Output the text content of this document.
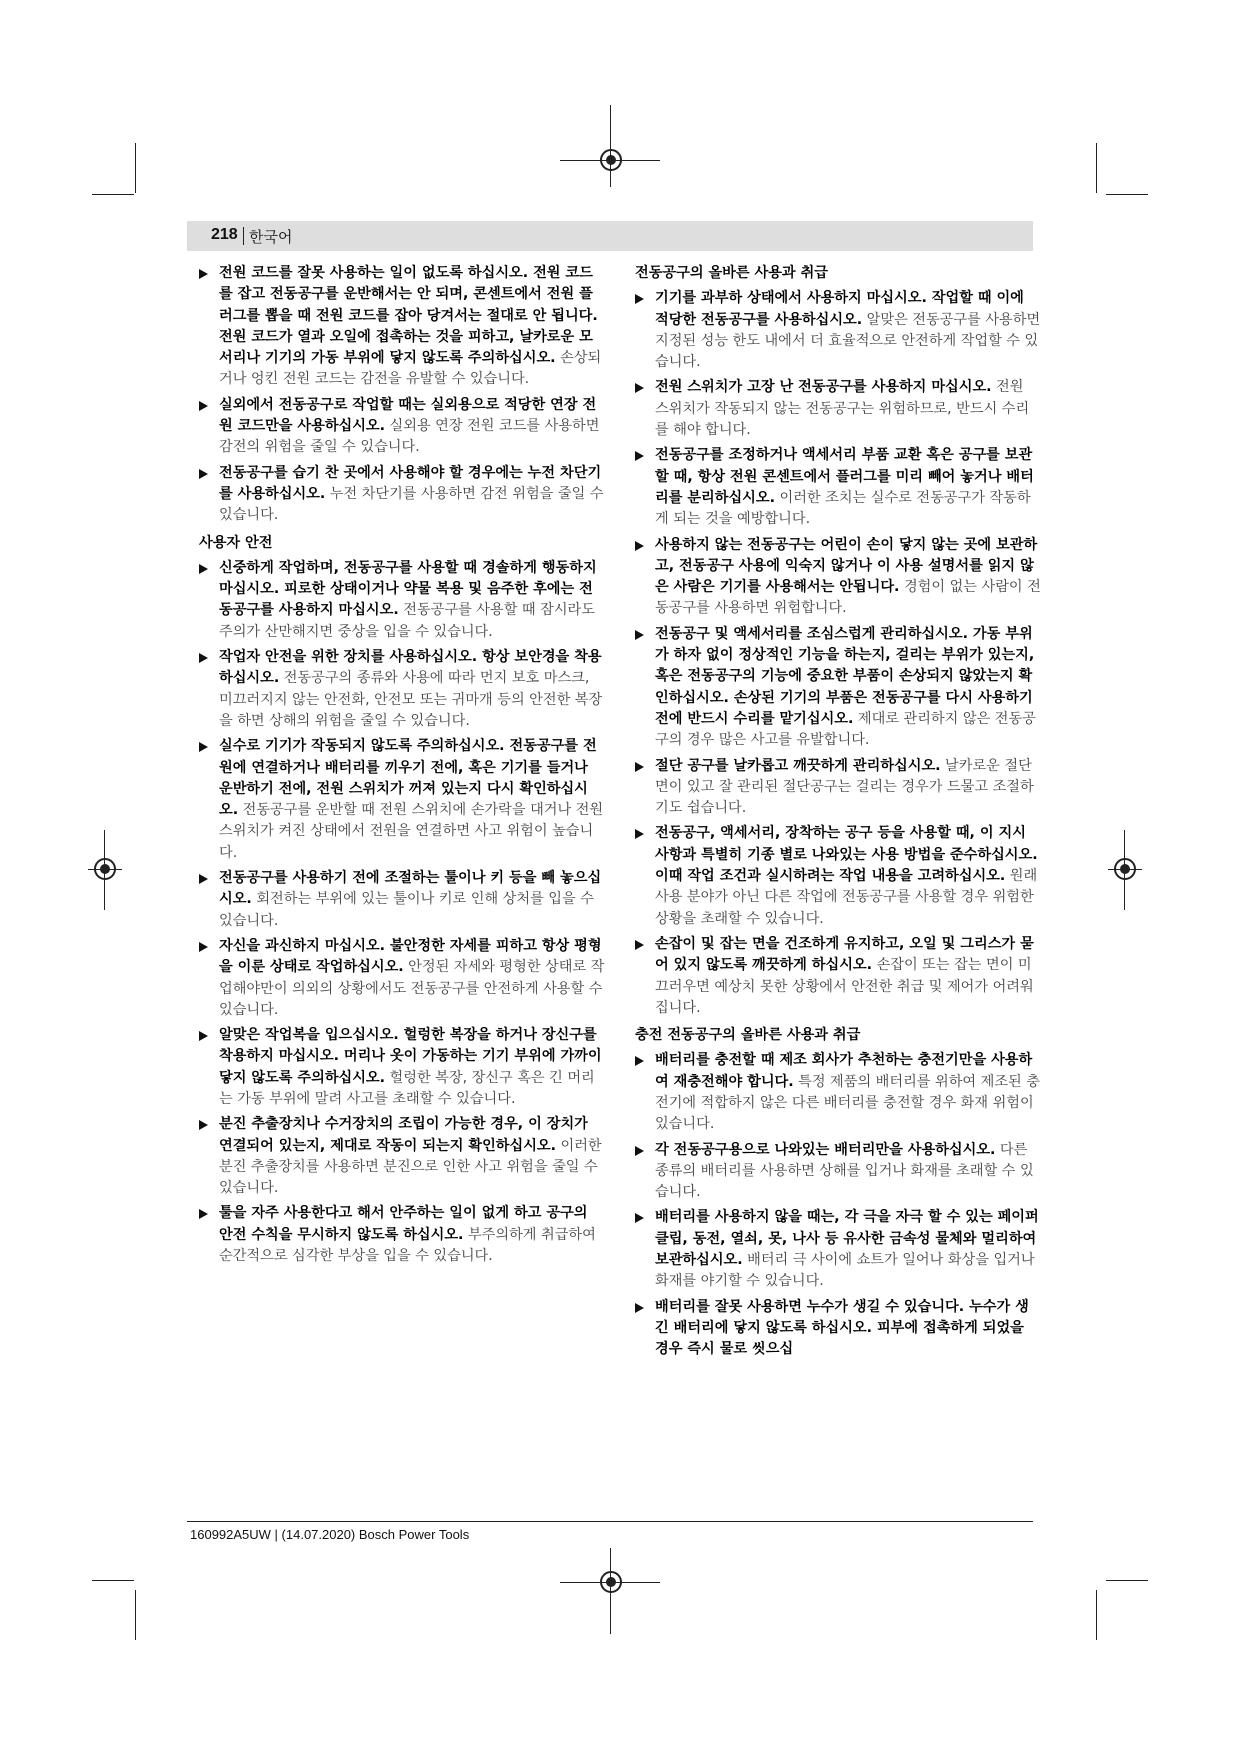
218 한국어
전원 코드를 잘못 사용하는 일이 없도록 하십시오. 전원 코드를 잡고 전동공구를 운반해서는 안 되며, 콘센트에서 전원 플러그를 뽑을 때 전원 코드를 잡아 당겨서는 절대로 안 됩니다. 전원 코드가 열과 오일에 접촉하는 것을 피하고, 날카로운 모서리나 기기의 가동 부위에 닿지 않도록 주의하십시오. 손상되거나 엉킨 전원 코드는 감전을 유발할 수 있습니다.
실외에서 전동공구로 작업할 때는 실외용으로 적당한 연장 전원 코드만을 사용하십시오. 실외용 연장 전원 코드를 사용하면 감전의 위험을 줄일 수 있습니다.
전동공구를 습기 찬 곳에서 사용해야 할 경우에는 누전 차단기를 사용하십시오. 누전 차단기를 사용하면 감전 위험을 줄일 수 있습니다.
사용자 안전
신중하게 작업하며, 전동공구를 사용할 때 경솔하게 행동하지 마십시오. 피로한 상태이거나 약물 복용 및 음주한 후에는 전동공구를 사용하지 마십시오. 전동공구를 사용할 때 잠시라도 주의가 산만해지면 중상을 입을 수 있습니다.
작업자 안전을 위한 장치를 사용하십시오. 항상 보안경을 착용하십시오. 전동공구의 종류와 사용에 따라 먼지 보호 마스크, 미끄러지지 않는 안전화, 안전모 또는 귀마개 등의 안전한 복장을 하면 상해의 위험을 줄일 수 있습니다.
실수로 기기가 작동되지 않도록 주의하십시오. 전동공구를 전원에 연결하거나 배터리를 끼우기 전에, 혹은 기기를 들거나 운반하기 전에, 전원 스위치가 꺼져 있는지 다시 확인하십시오. 전동공구를 운반할 때 전원 스위치에 손가락을 대거나 전원 스위치가 켜진 상태에서 전원을 연결하면 사고 위험이 높습니다.
전동공구를 사용하기 전에 조절하는 툴이나 키 등을 빼 놓으십시오. 회전하는 부위에 있는 툴이나 키로 인해 상처를 입을 수 있습니다.
자신을 과신하지 마십시오. 불안정한 자세를 피하고 항상 평형을 이룬 상태로 작업하십시오. 안정된 자세와 평형한 상태로 작업해야만이 의외의 상황에서도 전동공구를 안전하게 사용할 수 있습니다.
알맞은 작업복을 입으십시오. 헐렁한 복장을 하거나 장신구를 착용하지 마십시오. 머리나 옷이 가동하는 기기 부위에 가까이 닿지 않도록 주의하십시오. 헐렁한 복장, 장신구 혹은 긴 머리는 가동 부위에 말려 사고를 초래할 수 있습니다.
분진 추출장치나 수거장치의 조립이 가능한 경우, 이 장치가 연결되어 있는지, 제대로 작동이 되는지 확인하십시오. 이러한 분진 추출장치를 사용하면 분진으로 인한 사고 위험을 줄일 수 있습니다.
툴을 자주 사용한다고 해서 안주하는 일이 없게 하고 공구의 안전 수칙을 무시하지 않도록 하십시오. 부주의하게 취급하여 순간적으로 심각한 부상을 입을 수 있습니다.
전동공구의 올바른 사용과 취급
기기를 과부하 상태에서 사용하지 마십시오. 작업할 때 이에 적당한 전동공구를 사용하십시오. 알맞은 전동공구를 사용하면 지정된 성능 한도 내에서 더 효율적으로 안전하게 작업할 수 있습니다.
전원 스위치가 고장 난 전동공구를 사용하지 마십시오. 전원 스위치가 작동되지 않는 전동공구는 위험하므로, 반드시 수리를 해야 합니다.
전동공구를 조정하거나 액세서리 부품 교환 혹은 공구를 보관할 때, 항상 전원 콘센트에서 플러그를 미리 빼어 놓거나 배터리를 분리하십시오. 이러한 조치는 실수로 전동공구가 작동하게 되는 것을 예방합니다.
사용하지 않는 전동공구는 어린이 손이 닿지 않는 곳에 보관하고, 전동공구 사용에 익숙지 않거나 이 사용 설명서를 읽지 않은 사람은 기기를 사용해서는 안됩니다. 경험이 없는 사람이 전동공구를 사용하면 위험합니다.
전동공구 및 액세서리를 조심스럽게 관리하십시오. 가동 부위가 하자 없이 정상적인 기능을 하는지, 걸리는 부위가 있는지, 혹은 전동공구의 기능에 중요한 부품이 손상되지 않았는지 확인하십시오. 손상된 기기의 부품은 전동공구를 다시 사용하기 전에 반드시 수리를 맡기십시오. 제대로 관리하지 않은 전동공구의 경우 많은 사고를 유발합니다.
절단 공구를 날카롭고 깨끗하게 관리하십시오. 날카로운 절단면이 있고 잘 관리된 절단공구는 걸리는 경우가 드물고 조절하기도 쉽습니다.
전동공구, 액세서리, 장착하는 공구 등을 사용할 때, 이 지시 사항과 특별히 기종 별로 나와있는 사용 방법을 준수하십시오. 이때 작업 조건과 실시하려는 작업 내용을 고려하십시오. 원래 사용 분야가 아닌 다른 작업에 전동공구를 사용할 경우 위험한 상황을 초래할 수 있습니다.
손잡이 및 잡는 면을 건조하게 유지하고, 오일 및 그리스가 묻어 있지 않도록 깨끗하게 하십시오. 손잡이 또는 잡는 면이 미끄러우면 예상치 못한 상황에서 안전한 취급 및 제어가 어려워집니다.
충전 전동공구의 올바른 사용과 취급
배터리를 충전할 때 제조 회사가 추천하는 충전기만을 사용하여 재충전해야 합니다. 특정 제품의 배터리를 위하여 제조된 충전기에 적합하지 않은 다른 배터리를 충전할 경우 화재 위험이 있습니다.
각 전동공구용으로 나와있는 배터리만을 사용하십시오. 다른 종류의 배터리를 사용하면 상해를 입거나 화재를 초래할 수 있습니다.
배터리를 사용하지 않을 때는, 각 극을 자극 할 수 있는 페이퍼 클립, 동전, 열쇠, 못, 나사 등 유사한 금속성 물체와 멀리하여 보관하십시오. 배터리 극 사이에 쇼트가 일어나 화상을 입거나 화재를 야기할 수 있습니다.
배터리를 잘못 사용하면 누수가 생길 수 있습니다. 누수가 생긴 배터리에 닿지 않도록 하십시오. 피부에 접촉하게 되었을 경우 즉시 물로 씻으십
160992A5UW | (14.07.2020) Bosch Power Tools
